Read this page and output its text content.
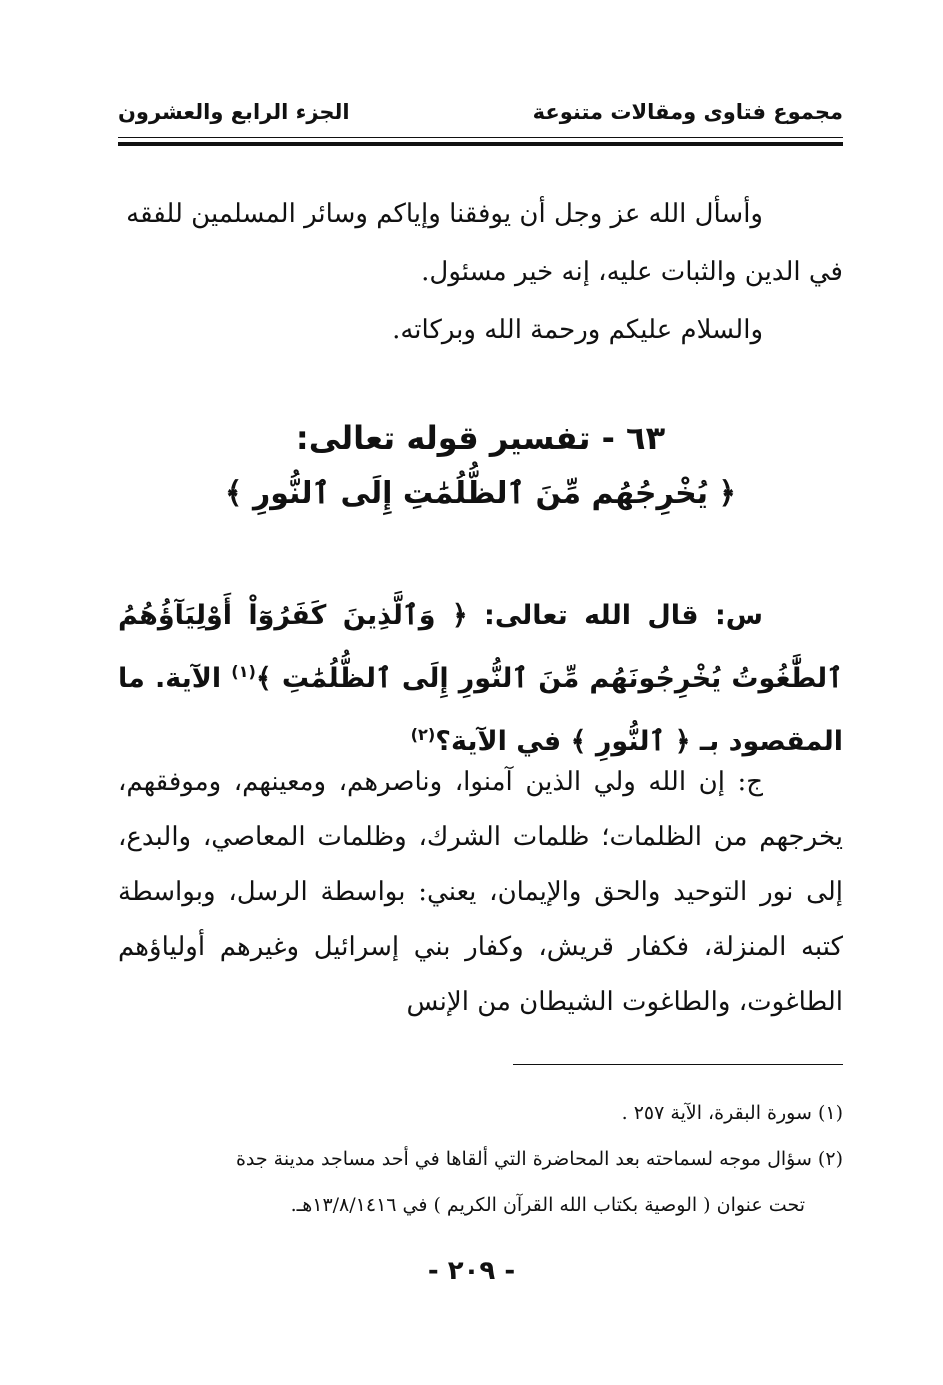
مجموع فتاوى ومقالات متنوعة
الجزء الرابع والعشرون

وأسأل الله عز وجل أن يوفقنا وإياكم وسائر المسلمين للفقه

في الدين والثبات عليه، إنه خير مسئول.

والسلام عليكم ورحمة الله وبركاته.

٦٣ - تفسير قوله تعالى:
﴿ يُخْرِجُهُم مِّنَ ٱلظُّلُمَٰتِ إِلَى ٱلنُّورِ ﴾

س: قال الله تعالى: ﴿ وَٱلَّذِينَ كَفَرُوٓاْ أَوْلِيَآؤُهُمُ ٱلطَّٰغُوتُ يُخْرِجُونَهُم مِّنَ ٱلنُّورِ إِلَى ٱلظُّلُمَٰتِ ﴾$^{(١)}$ الآية. ما المقصود بـ ﴿ ٱلنُّورِ ﴾ في الآية؟$^{(٢)}$

ج: إن الله ولي الذين آمنوا، وناصرهم، ومعينهم، وموفقهم، يخرجهم من الظلمات؛ ظلمات الشرك، وظلمات المعاصي، والبدع، إلى نور التوحيد والحق والإيمان، يعني: بواسطة الرسل، وبواسطة كتبه المنزلة، فكفار قريش، وكفار بني إسرائيل وغيرهم أولياؤهم الطاغوت، والطاغوت الشيطان من الإنس

(١) سورة البقرة، الآية ٢٥٧ .

(٢) سؤال موجه لسماحته بعد المحاضرة التي ألقاها في أحد مساجد مدينة جدة

تحت عنوان ( الوصية بكتاب الله القرآن الكريم ) في ١٣/٨/١٤١٦هـ.

- ٢٠٩ -
